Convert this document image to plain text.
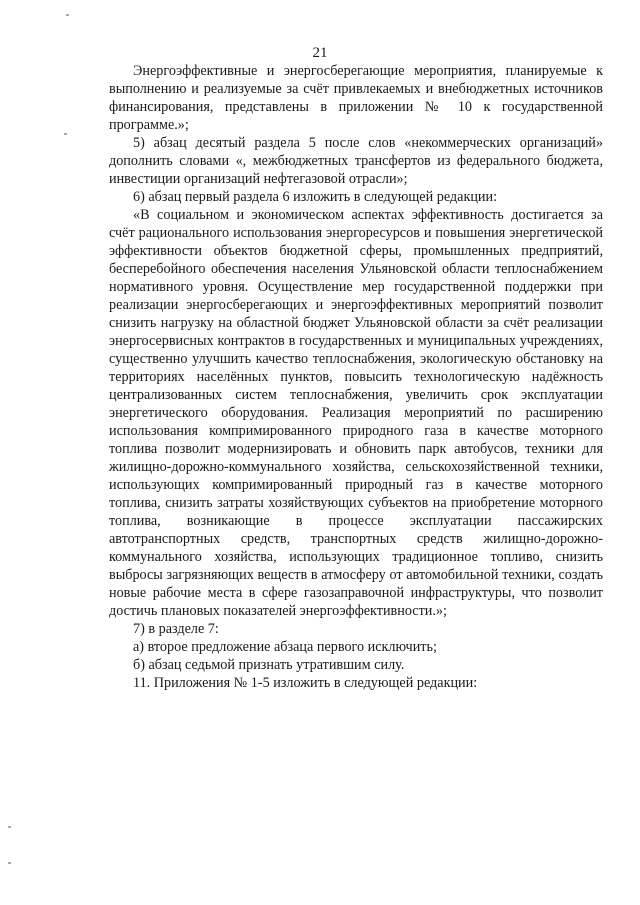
21

Энергоэффективные и энергосберегающие мероприятия, планируемые к выполнению и реализуемые за счёт привлекаемых и внебюджетных источников финансирования, представлены в приложении № 10 к государственной программе.»;

5) абзац десятый раздела 5 после слов «некоммерческих организаций» дополнить словами «, межбюджетных трансфертов из федерального бюджета, инвестиции организаций нефтегазовой отрасли»;

6) абзац первый раздела 6 изложить в следующей редакции:

«В социальном и экономическом аспектах эффективность достигается за счёт рационального использования энергоресурсов и повышения энергетической эффективности объектов бюджетной сферы, промышленных предприятий, бесперебойного обеспечения населения Ульяновской области теплоснабжением нормативного уровня. Осуществление мер государственной поддержки при реализации энергосберегающих и энергоэффективных мероприятий позволит снизить нагрузку на областной бюджет Ульяновской области за счёт реализации энергосервисных контрактов в государственных и муниципальных учреждениях, существенно улучшить качество теплоснабжения, экологическую обстановку на территориях населённых пунктов, повысить технологическую надёжность централизованных систем теплоснабжения, увеличить срок эксплуатации энергетического оборудования. Реализация мероприятий по расширению использования компримированного природного газа в качестве моторного топлива позволит модернизировать и обновить парк автобусов, техники для жилищно-дорожно-коммунального хозяйства, сельскохозяйственной техники, использующих компримированный природный газ в качестве моторного топлива, снизить затраты хозяйствующих субъектов на приобретение моторного топлива, возникающие в процессе эксплуатации пассажирских автотранспортных средств, транспортных средств жилищно-дорожно-коммунального хозяйства, использующих традиционное топливо, снизить выбросы загрязняющих веществ в атмосферу от автомобильной техники, создать новые рабочие места в сфере газозаправочной инфраструктуры, что позволит достичь плановых показателей энергоэффективности.»;

7) в разделе 7:

а) второе предложение абзаца первого исключить;

б) абзац седьмой признать утратившим силу.

11. Приложения № 1-5 изложить в следующей редакции:
